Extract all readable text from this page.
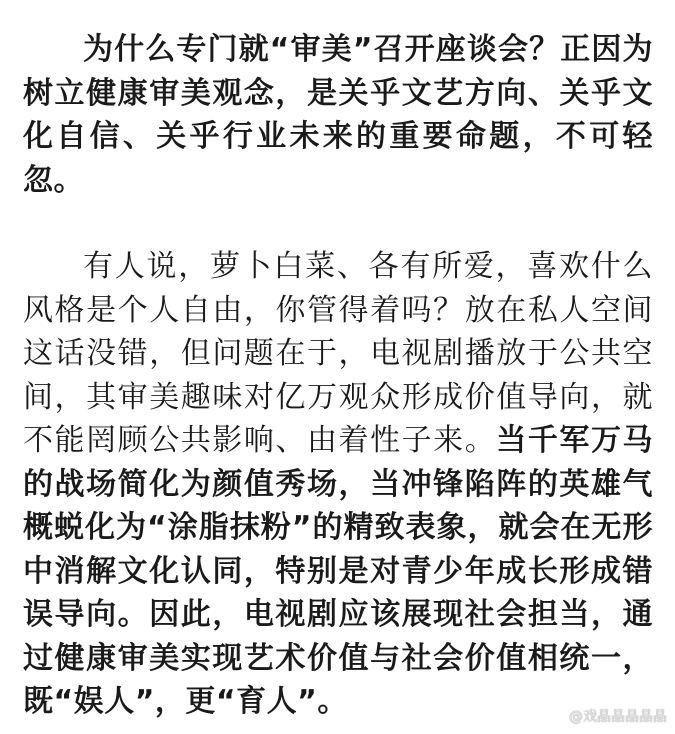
为什么专门就“审美”召开座谈会？正因为树立健康审美观念，是关乎文艺方向、关乎文化自信、关乎行业未来的重要命题，不可轻忽。

有人说，萝卜白菜、各有所爱，喜欢什么风格是个人自由，你管得着吗？放在私人空间这话没错，但问题在于，电视剧播放于公共空间，其审美趣味对亿万观众形成价值导向，就不能罔顾公共影响、由着性子来。当千军万马的战场简化为颜值秀场，当冲锋陷阵的英雄气概蜕化为“涂脂抹粉”的精致表象，就会在无形中消解文化认同，特别是对青少年成长形成错误导向。因此，电视剧应该展现社会担当，通过健康审美实现艺术价值与社会价值相统一，既“娱人”，更“育人”。	@戏晶晶晶晶晶
